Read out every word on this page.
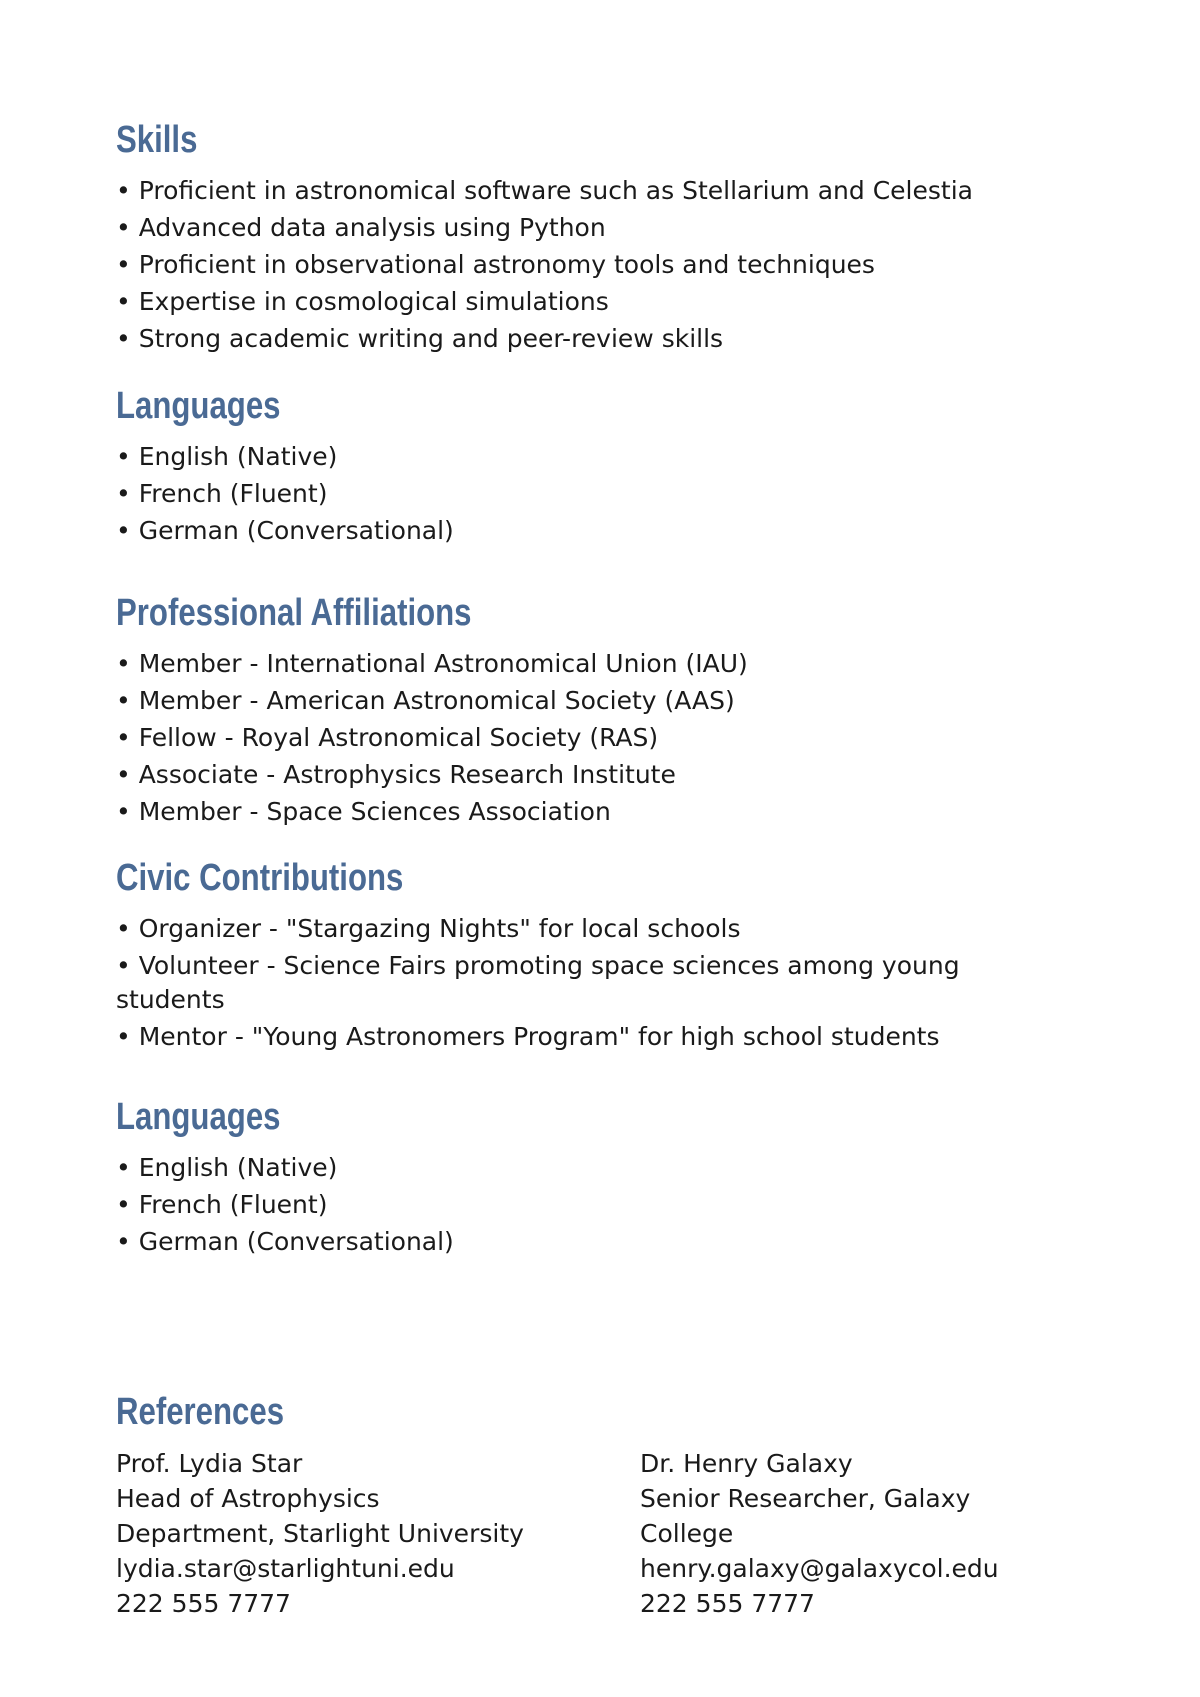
Skills
• Proficient in astronomical software such as Stellarium and Celestia
• Advanced data analysis using Python
• Proficient in observational astronomy tools and techniques
• Expertise in cosmological simulations
• Strong academic writing and peer-review skills
Languages
• English (Native)
• French (Fluent)
• German (Conversational)
Professional Affiliations
• Member - International Astronomical Union (IAU)
• Member - American Astronomical Society (AAS)
• Fellow - Royal Astronomical Society (RAS)
• Associate - Astrophysics Research Institute
• Member - Space Sciences Association
Civic Contributions
• Organizer - "Stargazing Nights" for local schools
• Volunteer - Science Fairs promoting space sciences among young students
• Mentor - "Young Astronomers Program" for high school students
Languages
• English (Native)
• French (Fluent)
• German (Conversational)
References
Prof. Lydia Star
Head of Astrophysics
Department, Starlight University
lydia.star@starlightuni.edu
222 555 7777
Dr. Henry Galaxy
Senior Researcher, Galaxy
College
henry.galaxy@galaxycol.edu
222 555 7777
